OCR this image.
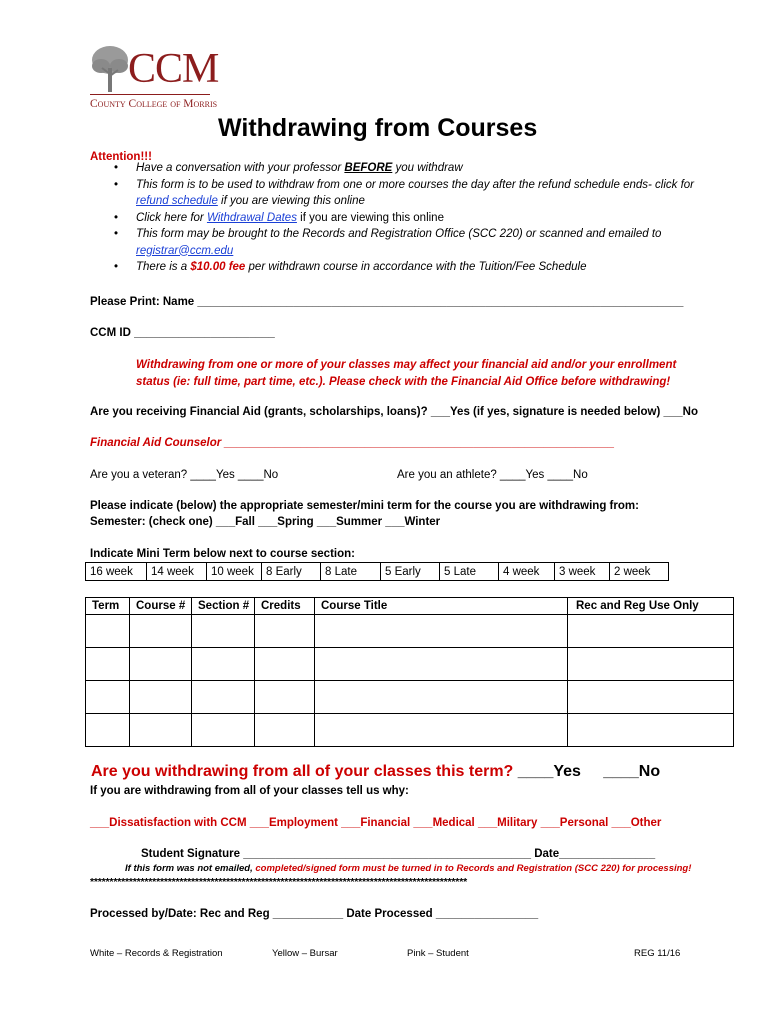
CCM
County College of Morris
Withdrawing from Courses
Attention!!!
• Have a conversation with your professor BEFORE you withdraw
• This form is to be used to withdraw from one or more courses the day after the refund schedule ends- click for refund schedule if you are viewing this online
• Click here for Withdrawal Dates if you are viewing this online
• This form may be brought to the Records and Registration Office (SCC 220) or scanned and emailed to registrar@ccm.edu
• There is a $10.00 fee per withdrawn course in accordance with the Tuition/Fee Schedule
Please Print: Name ____________________________________________________________________________
CCM ID ______________________
Withdrawing from one or more of your classes may affect your financial aid and/or your enrollment status (ie: full time, part time, etc.). Please check with the Financial Aid Office before withdrawing!
Are you receiving Financial Aid (grants, scholarships, loans)? ___Yes (if yes, signature is needed below) ___No
Financial Aid Counselor _____________________________________________________________
Are you a veteran? ____Yes ____No	Are you an athlete? ____Yes ____No
Please indicate (below) the appropriate semester/mini term for the course you are withdrawing from:
Semester: (check one) ___Fall ___Spring ___Summer ___Winter
Indicate Mini Term below next to course section:
16 week	14 week	10 week	8 Early	8 Late	5 Early	5 Late	4 week	3 week	2 week
Term	Course #	Section #	Credits	Course Title	Rec and Reg Use Only

Are you withdrawing from all of your classes this term? ____Yes ____No
If you are withdrawing from all of your classes tell us why:
___Dissatisfaction with CCM ___Employment ___Financial ___Medical ___Military ___Personal ___Other
Student Signature _____________________________________________ Date_______________
If this form was not emailed, completed/signed form must be turned in to Records and Registration (SCC 220) for processing!
*************************************************************************************************
Processed by/Date: Rec and Reg ___________ Date Processed ________________
White – Records & Registration	Yellow – Bursar	Pink – Student	REG 11/16
